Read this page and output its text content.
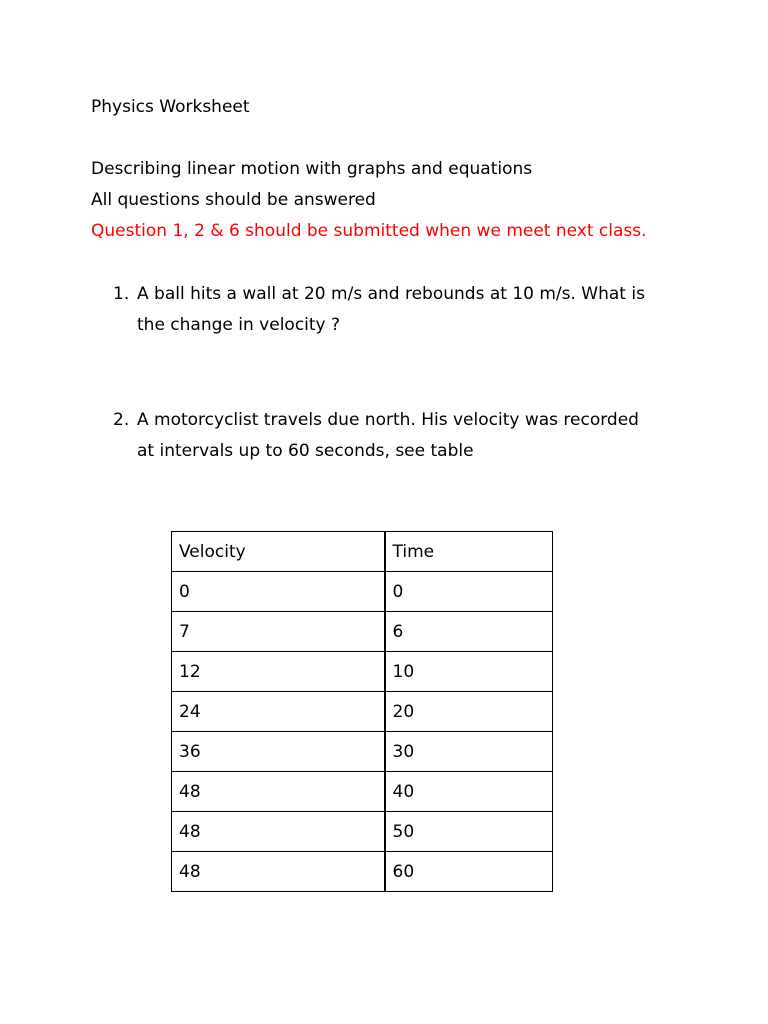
Physics Worksheet
Describing linear motion with graphs and equations
All questions should be answered
Question 1, 2 & 6 should be submitted when we meet next class.
1. A ball hits a wall at 20 m/s and rebounds at 10 m/s. What is
the change in velocity ?
2. A motorcyclist travels due north. His velocity was recorded
at intervals up to 60 seconds, see table
Velocity	Time
0	0
7	6
12	10
24	20
36	30
48	40
48	50
48	60
